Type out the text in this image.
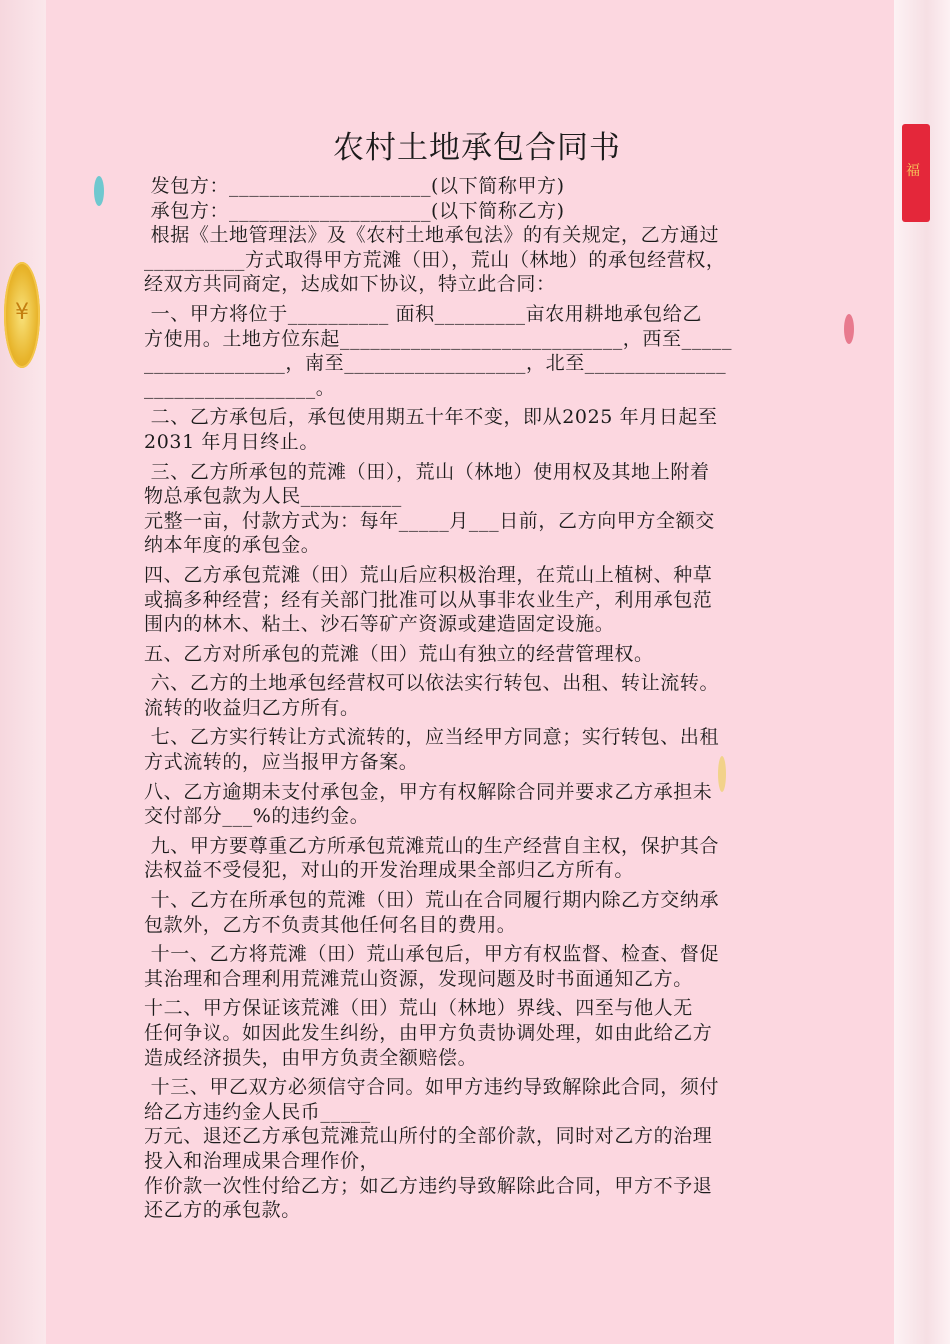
¥
福
农村土地承包合同书

发包方：____________________(以下简称甲方)

承包方：____________________(以下简称乙方)

根据《土地管理法》及《农村土地承包法》的有关规定，乙方通过

__________方式取得甲方荒滩（田），荒山（林地）的承包经营权，

经双方共同商定，达成如下协议，特立此合同：

一、甲方将位于__________ 面积_________亩农用耕地承包给乙

方使用。土地方位东起____________________________，西至_____

______________，南至__________________，北至______________

_________________。

二、乙方承包后，承包使用期五十年不变，即从2025 年月日起至

2031 年月日终止。

三、乙方所承包的荒滩（田），荒山（林地）使用权及其地上附着

物总承包款为人民__________

元整一亩，付款方式为：每年_____月___日前，乙方向甲方全额交

纳本年度的承包金。

四、乙方承包荒滩（田）荒山后应积极治理，在荒山上植树、种草

或搞多种经营；经有关部门批准可以从事非农业生产，利用承包范

围内的林木、粘土、沙石等矿产资源或建造固定设施。

五、乙方对所承包的荒滩（田）荒山有独立的经营管理权。

六、乙方的土地承包经营权可以依法实行转包、出租、转让流转。

流转的收益归乙方所有。

七、乙方实行转让方式流转的，应当经甲方同意；实行转包、出租

方式流转的，应当报甲方备案。

八、乙方逾期未支付承包金，甲方有权解除合同并要求乙方承担未

交付部分___%的违约金。

九、甲方要尊重乙方所承包荒滩荒山的生产经营自主权，保护其合

法权益不受侵犯，对山的开发治理成果全部归乙方所有。

十、乙方在所承包的荒滩（田）荒山在合同履行期内除乙方交纳承

包款外，乙方不负责其他任何名目的费用。

十一、乙方将荒滩（田）荒山承包后，甲方有权监督、检查、督促

其治理和合理利用荒滩荒山资源，发现问题及时书面通知乙方。

十二、甲方保证该荒滩（田）荒山（林地）界线、四至与他人无

任何争议。如因此发生纠纷，由甲方负责协调处理，如由此给乙方

造成经济损失，由甲方负责全额赔偿。

十三、甲乙双方必须信守合同。如甲方违约导致解除此合同，须付

给乙方违约金人民币_____

万元、退还乙方承包荒滩荒山所付的全部价款，同时对乙方的治理

投入和治理成果合理作价，

作价款一次性付给乙方；如乙方违约导致解除此合同，甲方不予退

还乙方的承包款。
